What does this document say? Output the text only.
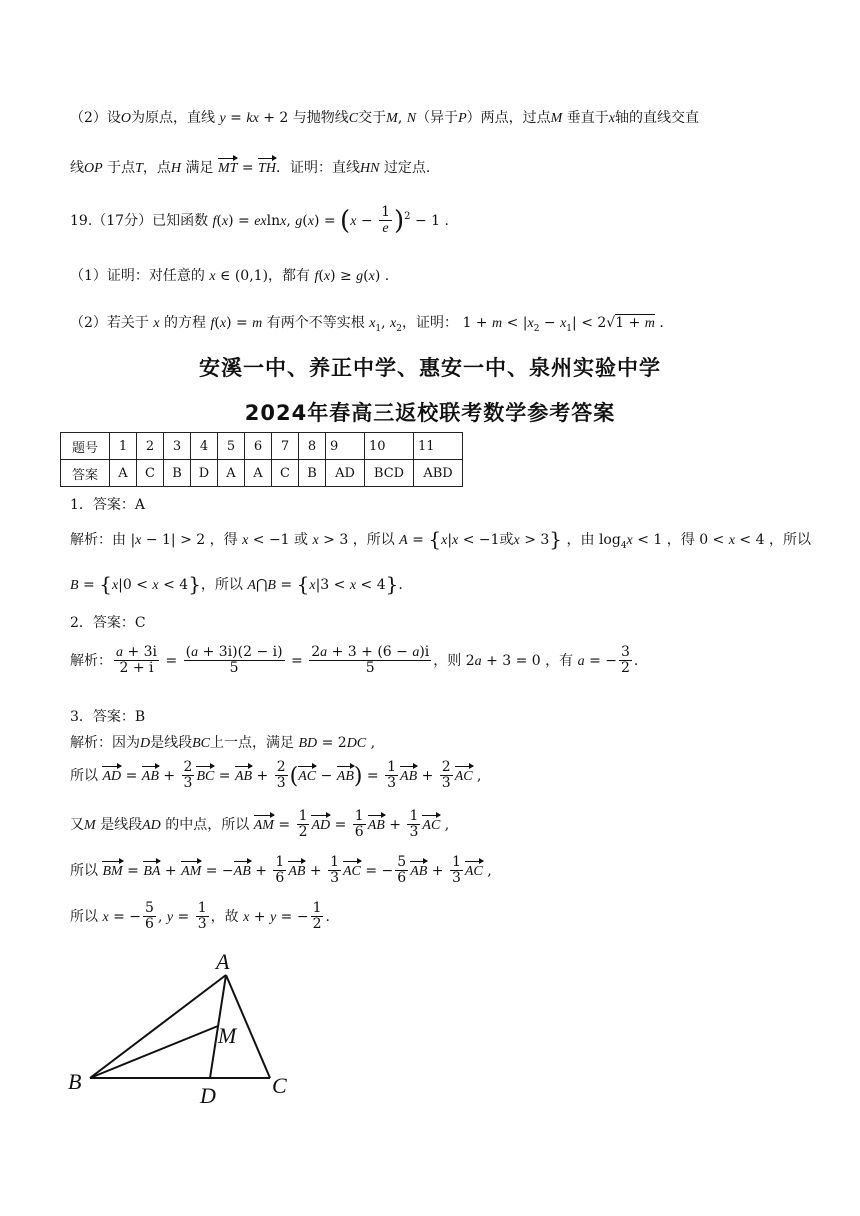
（2）设O为原点，直线 y = kx + 2 与抛物线C交于M, N（异于P）两点，过点M 垂直于x轴的直线交直
线OP 于点T，点H 满足 MT = TH．证明：直线HN 过定点.
19.（17分）已知函数 f(x) = exlnx, $g(x) = (x - \frac{1}{e} )^2 - 1$ .
（1）证明：对任意的 x ∈ (0,1)，都有 f(x) ≥ g(x) .
（2）若关于 x 的方程 f(x) = m 有两个不等实根 $x_1$, $x_2$，证明： $1 + m < |x_2 - x_1| < 2√1 + m$ .
安溪一中、养正中学、惠安一中、泉州实验中学
2024年春高三返校联考数学参考答案
题号	1	2	3	4	5	6	7	8	9	10	11
答案	A	C	B	D	A	A	C	B	AD	BCD	ABD
1．答案：A
解析：由 |x − 1| > 2 ，得 x < −1 或 x > 3 ，所以 A = {x|x < −1或x > 3} ，由 $\log_4x < 1$ ，得 0 < x < 4 ，所以
B = {x|0 < x < 4}，所以 A⋂B = {x|3 < x < 4}.
2．答案：C
解析： $\frac{a + 3i}{2 + i} = \frac{(a + 3i)(2 - i)}{5} = \frac{2a + 3 + (6 - a)i}{5}$ ，则 2a + 3 = 0 ，有 a = − $\frac{3}{2}$ .
3．答案：B
解析：因为D是线段BC上一点，满足 BD = 2DC ,
所以 AD = AB + $\frac{2}{3}$ BC = AB + $\frac{2}{3} (AC - AB) = \frac{1}{3}$ AB + $\frac{2}{3}$ AC ,
又M 是线段AD 的中点，所以 AM = $\frac{1}{2}$ AD = $\frac{1}{6}$ AB + $\frac{1}{3}$ AC ,
所以 BM = BA + AM = $-AB + \frac{1}{6}$ AB + $\frac{1}{3}$ AC = − $\frac{5}{6}$ AB + $\frac{1}{3}$ AC ,
所以 x = − $\frac{5}{6}$ , $y = \frac{1}{3}$ ，故 x + y = − $\frac{1}{2}$ .
A
M
B
D	C
